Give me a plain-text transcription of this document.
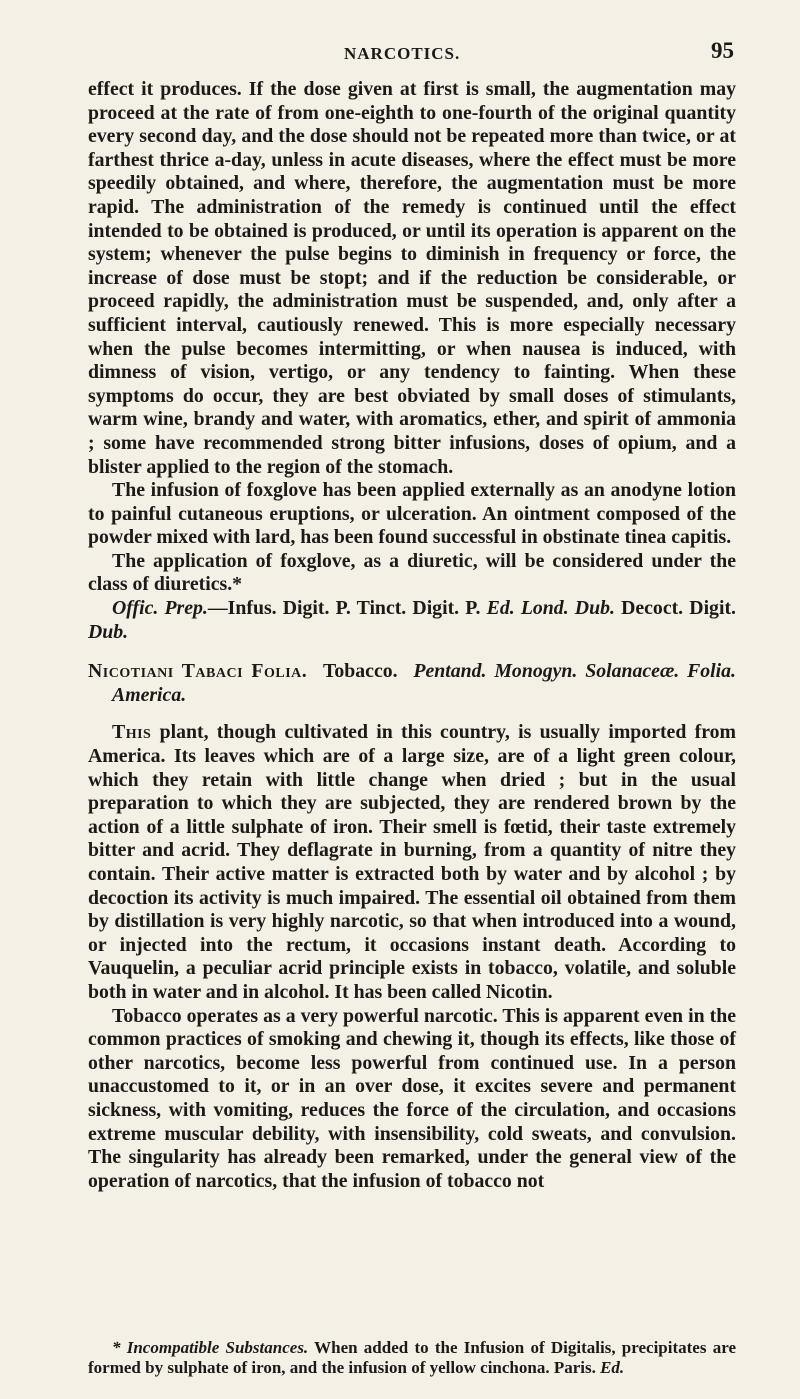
NARCOTICS.	95

effect it produces. If the dose given at first is small, the augmentation may proceed at the rate of from one-eighth to one-fourth of the original quantity every second day, and the dose should not be repeated more than twice, or at farthest thrice a-day, unless in acute diseases, where the effect must be more speedily obtained, and where, therefore, the augmentation must be more rapid. The administration of the remedy is continued until the effect intended to be obtained is produced, or until its operation is apparent on the system; whenever the pulse begins to diminish in frequency or force, the increase of dose must be stopt; and if the reduction be considerable, or proceed rapidly, the administration must be suspended, and, only after a sufficient interval, cautiously renewed. This is more especially necessary when the pulse becomes intermitting, or when nausea is induced, with dimness of vision, vertigo, or any tendency to fainting. When these symptoms do occur, they are best obviated by small doses of stimulants, warm wine, brandy and water, with aromatics, ether, and spirit of ammonia ; some have recommended strong bitter infusions, doses of opium, and a blister applied to the region of the stomach.

The infusion of foxglove has been applied externally as an anodyne lotion to painful cutaneous eruptions, or ulceration. An ointment composed of the powder mixed with lard, has been found successful in obstinate tinea capitis.

The application of foxglove, as a diuretic, will be considered under the class of diuretics.*

Offic. Prep.—Infus. Digit. P. Tinct. Digit. P. Ed. Lond. Dub. Decoct. Digit. Dub.

Nicotiani Tabaci Folia. Tobacco. Pentand. Monogyn. Solanaceæ. Folia. America.

This plant, though cultivated in this country, is usually imported from America. Its leaves which are of a large size, are of a light green colour, which they retain with little change when dried ; but in the usual preparation to which they are subjected, they are rendered brown by the action of a little sulphate of iron. Their smell is fœtid, their taste extremely bitter and acrid. They deflagrate in burning, from a quantity of nitre they contain. Their active matter is extracted both by water and by alcohol ; by decoction its activity is much impaired. The essential oil obtained from them by distillation is very highly narcotic, so that when introduced into a wound, or injected into the rectum, it occasions instant death. According to Vauquelin, a peculiar acrid principle exists in tobacco, volatile, and soluble both in water and in alcohol. It has been called Nicotin.

Tobacco operates as a very powerful narcotic. This is apparent even in the common practices of smoking and chewing it, though its effects, like those of other narcotics, become less powerful from continued use. In a person unaccustomed to it, or in an over dose, it excites severe and permanent sickness, with vomiting, reduces the force of the circulation, and occasions extreme muscular debility, with insensibility, cold sweats, and convulsion. The singularity has already been remarked, under the general view of the operation of narcotics, that the infusion of tobacco not

* Incompatible Substances. When added to the Infusion of Digitalis, precipitates are formed by sulphate of iron, and the infusion of yellow cinchona. Paris. Ed.
